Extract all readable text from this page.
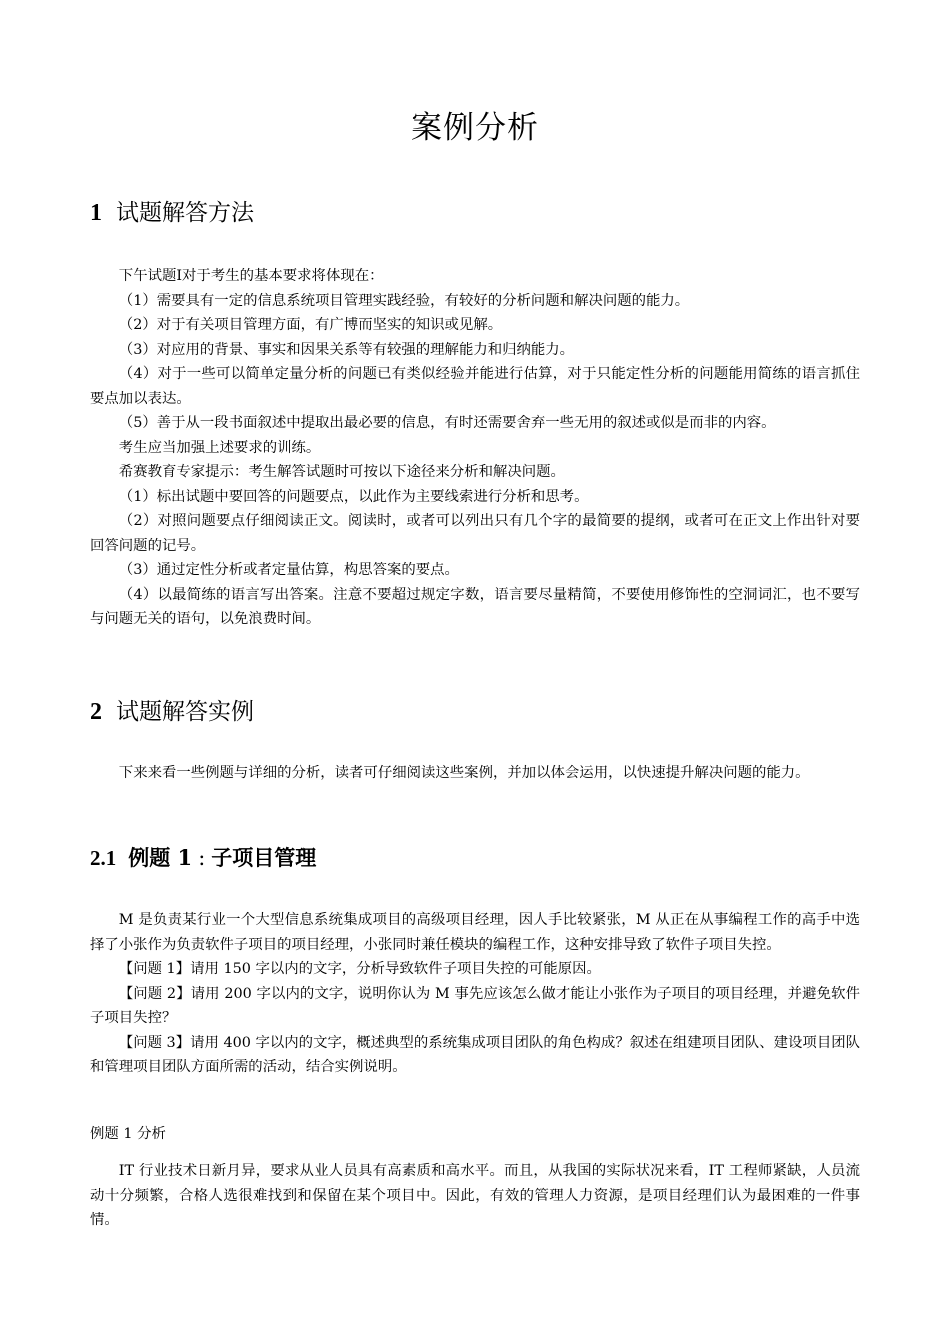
案例分析
1 试题解答方法

下午试题Ⅰ对于考生的基本要求将体现在：

（1）需要具有一定的信息系统项目管理实践经验，有较好的分析问题和解决问题的能力。

（2）对于有关项目管理方面，有广博而坚实的知识或见解。

（3）对应用的背景、事实和因果关系等有较强的理解能力和归纳能力。

（4）对于一些可以简单定量分析的问题已有类似经验并能进行估算，对于只能定性分析的问题能用简练的语言抓住要点加以表达。

（5）善于从一段书面叙述中提取出最必要的信息，有时还需要舍弃一些无用的叙述或似是而非的内容。

考生应当加强上述要求的训练。

希赛教育专家提示：考生解答试题时可按以下途径来分析和解决问题。

（1）标出试题中要回答的问题要点，以此作为主要线索进行分析和思考。

（2）对照问题要点仔细阅读正文。阅读时，或者可以列出只有几个字的最简要的提纲，或者可在正文上作出针对要回答问题的记号。

（3）通过定性分析或者定量估算，构思答案的要点。

（4）以最简练的语言写出答案。注意不要超过规定字数，语言要尽量精简，不要使用修饰性的空洞词汇，也不要写与问题无关的语句，以免浪费时间。

2 试题解答实例

下来来看一些例题与详细的分析，读者可仔细阅读这些案例，并加以体会运用，以快速提升解决问题的能力。

2.1 例题 1 : 子项目管理

M 是负责某行业一个大型信息系统集成项目的高级项目经理，因人手比较紧张，M 从正在从事编程工作的高手中选择了小张作为负责软件子项目的项目经理，小张同时兼任模块的编程工作，这种安排导致了软件子项目失控。

【问题 1】请用 150 字以内的文字，分析导致软件子项目失控的可能原因。

【问题 2】请用 200 字以内的文字，说明你认为 M 事先应该怎么做才能让小张作为子项目的项目经理，并避免软件子项目失控？

【问题 3】请用 400 字以内的文字，概述典型的系统集成项目团队的角色构成？叙述在组建项目团队、建设项目团队和管理项目团队方面所需的活动，结合实例说明。

例题 1 分析

IT 行业技术日新月异，要求从业人员具有高素质和高水平。而且，从我国的实际状况来看，IT 工程师紧缺，人员流动十分频繁，合格人选很难找到和保留在某个项目中。因此，有效的管理人力资源，是项目经理们认为最困难的一件事情。
